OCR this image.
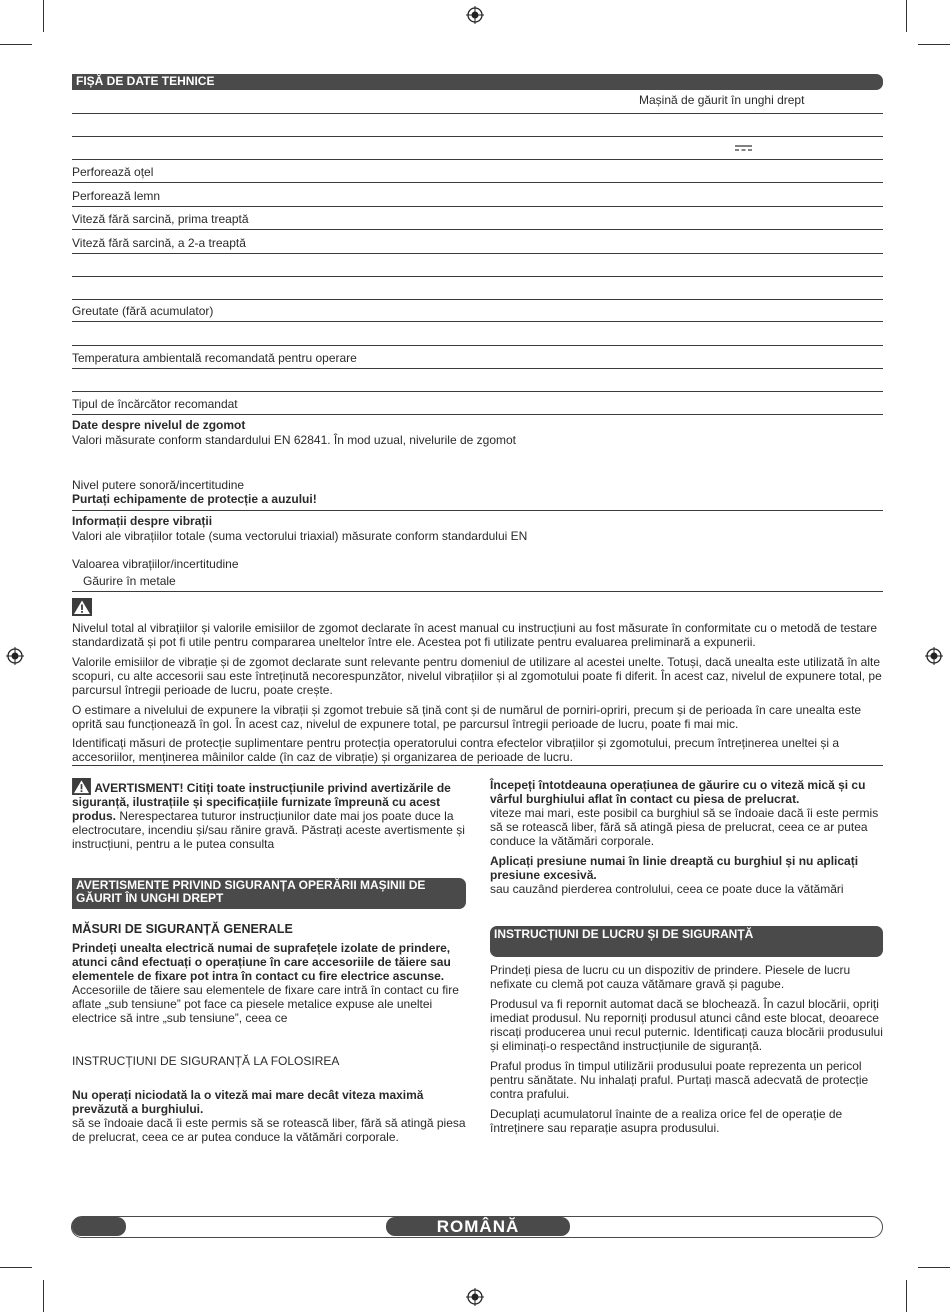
FIȘĂ DE DATE TEHNICE
Mașină de găurit în unghi drept
Perforează oțel
Perforează lemn
Viteză fără sarcină, prima treaptă
Viteză fără sarcină, a 2-a treaptă
Greutate (fără acumulator)
Temperatura ambientală recomandată pentru operare
Tipul de încărcător recomandat
Date despre nivelul de zgomot
Valori măsurate conform standardului EN 62841. În mod uzual, nivelurile de zgomot
Nivel putere sonoră/incertitudine
Purtați echipamente de protecție a auzului!
Informații despre vibrații
Valori ale vibrațiilor totale (suma vectorului triaxial) măsurate conform standardului EN
Valoarea vibrațiilor/incertitudine
Găurire în metale
Nivelul total al vibrațiilor și valorile emisiilor de zgomot declarate în acest manual cu instrucțiuni au fost măsurate în conformitate cu o metodă de testare standardizată și pot fi utile pentru compararea uneltelor între ele. Acestea pot fi utilizate pentru evaluarea preliminară a expunerii.
Valorile emisiilor de vibrație și de zgomot declarate sunt relevante pentru domeniul de utilizare al acestei unelte. Totuși, dacă unealta este utilizată în alte scopuri, cu alte accesorii sau este întreținută necorespunzător, nivelul vibrațiilor și al zgomotului poate fi diferit. În acest caz, nivelul de expunere total, pe parcursul întregii perioade de lucru, poate crește.
O estimare a nivelului de expunere la vibrații și zgomot trebuie să țină cont și de numărul de porniri-opriri, precum și de perioada în care unealta este oprită sau funcționează în gol. În acest caz, nivelul de expunere total, pe parcursul întregii perioade de lucru, poate fi mai mic.
Identificați măsuri de protecție suplimentare pentru protecția operatorului contra efectelor vibrațiilor și zgomotului, precum întreținerea uneltei și a accesoriilor, menținerea mâinilor calde (în caz de vibrație) și organizarea de perioade de lucru.

AVERTISMENT! Citiți toate instrucțiunile privind avertizările de siguranță, ilustrațiile și specificațiile furnizate împreună cu acest produs. Nerespectarea tuturor instrucțiunilor date mai jos poate duce la electrocutare, incendiu și/sau rănire gravă. Păstrați aceste avertismente și instrucțiuni, pentru a le putea consulta

AVERTISMENTE PRIVIND SIGURANȚA OPERĂRII MAȘINII DE GĂURIT ÎN UNGHI DREPT

MĂSURI DE SIGURANȚĂ GENERALE

Prindeți unealta electrică numai de suprafețele izolate de prindere, atunci când efectuați o operațiune în care accesoriile de tăiere sau elementele de fixare pot intra în contact cu fire electrice ascunse. Accesoriile de tăiere sau elementele de fixare care intră în contact cu fire aflate „sub tensiune” pot face ca piesele metalice expuse ale uneltei electrice să intre „sub tensiune”, ceea ce

INSTRUCȚIUNI DE SIGURANȚĂ LA FOLOSIREA
Nu operați niciodată la o viteză mai mare decât viteza maximă prevăzută a burghiului.
să se îndoaie dacă îi este permis să se rotească liber, fără să atingă piesa de prelucrat, ceea ce ar putea conduce la vătămări corporale.

Începeți întotdeauna operațiunea de găurire cu o viteză mică și cu vârful burghiului aflat în contact cu piesa de prelucrat.
viteze mai mari, este posibil ca burghiul să se îndoaie dacă îi este permis să se rotească liber, fără să atingă piesa de prelucrat, ceea ce ar putea conduce la vătămări corporale.

Aplicați presiune numai în linie dreaptă cu burghiul și nu aplicați presiune excesivă.
sau cauzând pierderea controlului, ceea ce poate duce la vătămări

INSTRUCȚIUNI DE LUCRU ȘI DE SIGURANȚĂ

Prindeți piesa de lucru cu un dispozitiv de prindere. Piesele de lucru nefixate cu clemă pot cauza vătămare gravă și pagube.

Produsul va fi repornit automat dacă se blochează. În cazul blocării, opriți imediat produsul. Nu reporniți produsul atunci când este blocat, deoarece riscați producerea unui recul puternic. Identificați cauza blocării produsului și eliminați-o respectând instrucțiunile de siguranță.

Praful produs în timpul utilizării produsului poate reprezenta un pericol pentru sănătate. Nu inhalați praful. Purtați mască adecvată de protecție contra prafului.

Decuplați acumulatorul înainte de a realiza orice fel de operație de întreținere sau reparație asupra produsului.

ROMÂNĂ
